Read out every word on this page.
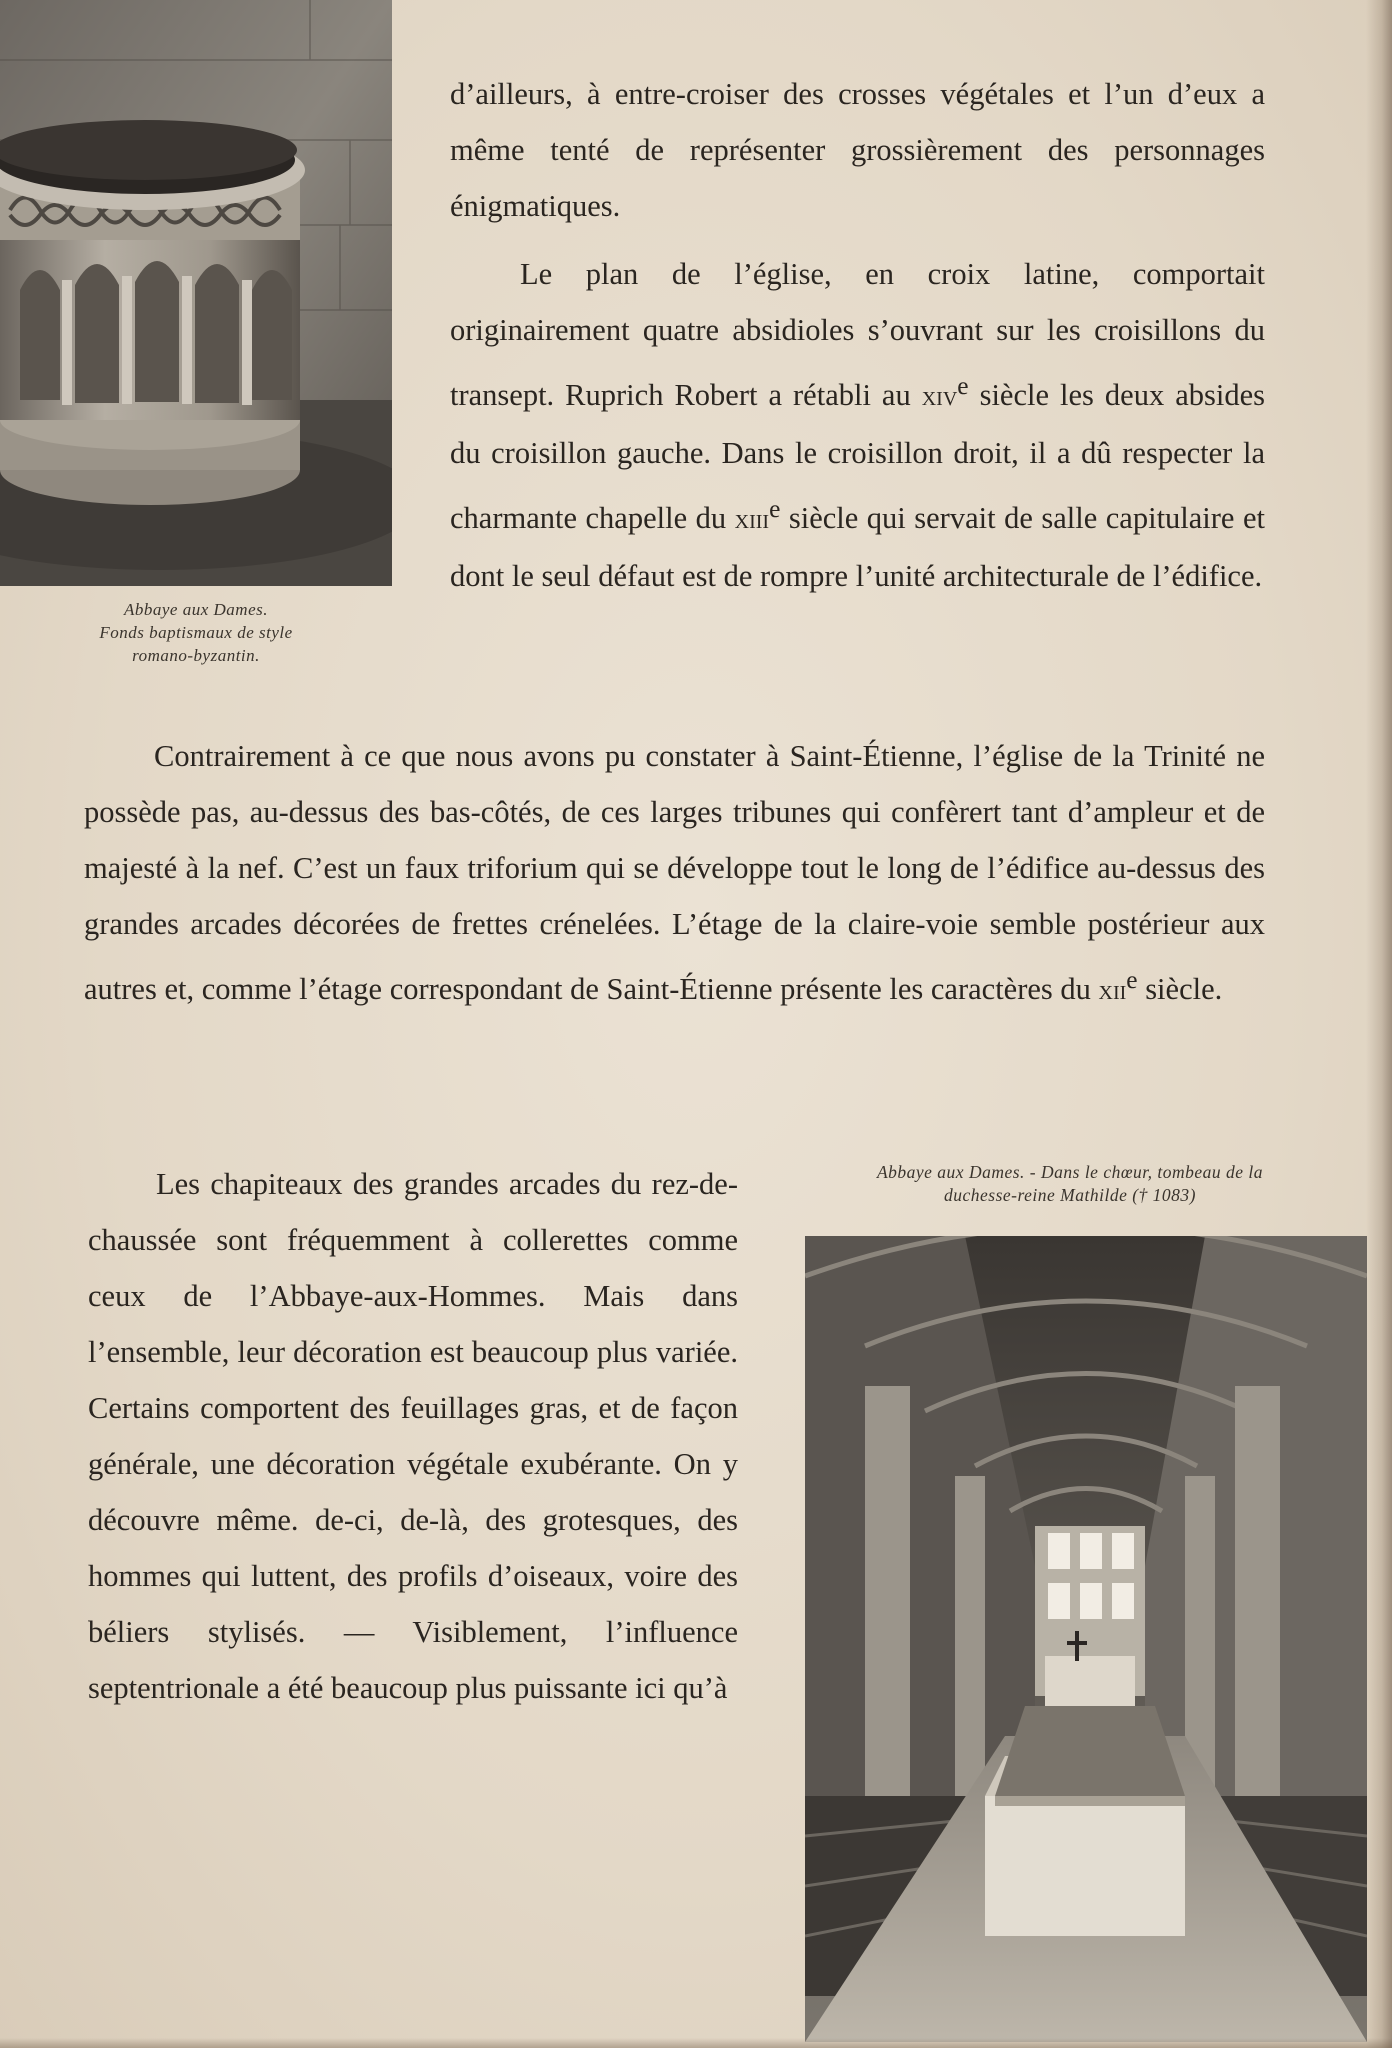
Abbaye aux Dames.
Fonds baptismaux de style
romano-byzantin.

d’ailleurs, à entre-croiser des crosses végétales et l’un d’eux a même tenté de représenter grossièrement des personnages énigmatiques.

Le plan de l’église, en croix latine, comportait originairement quatre absidioles s’ouvrant sur les croisillons du transept. Ruprich Robert a rétabli au xiv$^e$ siècle les deux absides du croisillon gauche. Dans le croisillon droit, il a dû respecter la charmante chapelle du xiii$^e$ siècle qui servait de salle capitulaire et dont le seul défaut est de rompre l’unité architecturale de l’édifice.

Contrairement à ce que nous avons pu constater à Saint-Étienne, l’église de la Trinité ne possède pas, au-dessus des bas-côtés, de ces larges tribunes qui confèrert tant d’ampleur et de majesté à la nef. C’est un faux triforium qui se développe tout le long de l’édifice au-dessus des grandes arcades décorées de frettes crénelées. L’étage de la claire-voie semble postérieur aux autres et, comme l’étage correspondant de Saint-Étienne présente les caractères du xii$^e$ siècle.

Les chapiteaux des grandes arcades du rez-de-chaussée sont fréquemment à collerettes comme ceux de l’Abbaye-aux-Hommes. Mais dans l’ensemble, leur décoration est beaucoup plus variée. Certains comportent des feuillages gras, et de façon générale, une décoration végétale exubérante. On y découvre même. de-ci, de-là, des grotesques, des hommes qui luttent, des profils d’oiseaux, voire des béliers stylisés. — Visiblement, l’influence septentrionale a été beaucoup plus puissante ici qu’à

Abbaye aux Dames. - Dans le chœur, tombeau de la
duchesse-reine Mathilde († 1083)
